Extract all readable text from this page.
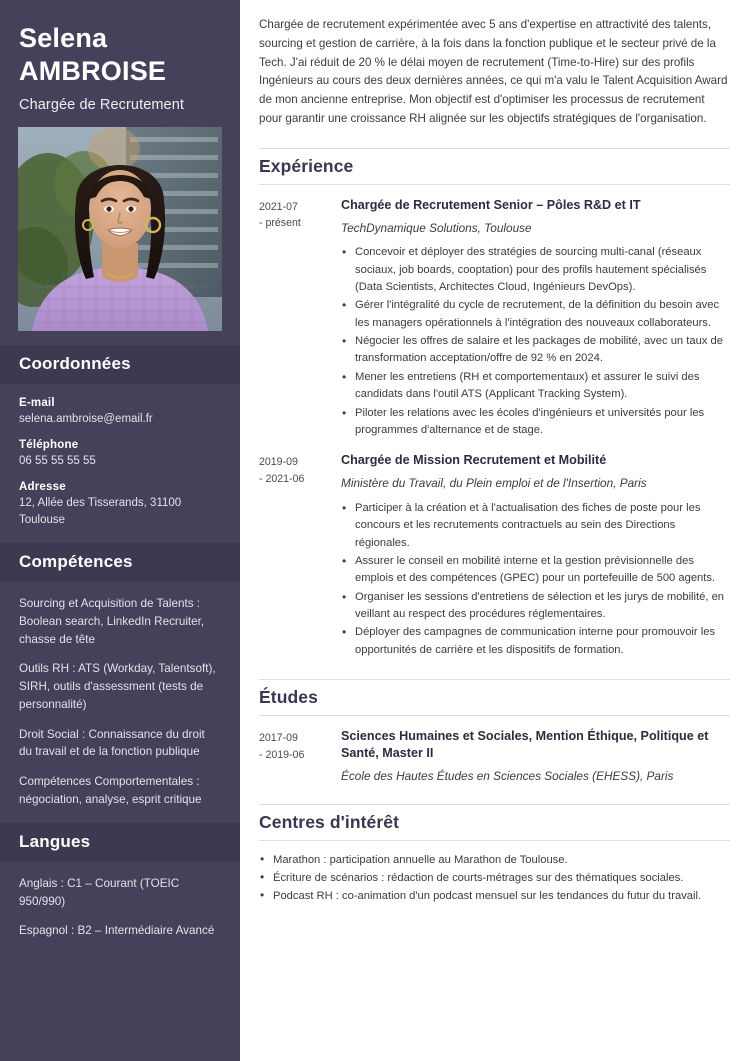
Selena
AMBROISE
Chargée de Recrutement
Coordonnées
E-mail
selena.ambroise@email.fr
Téléphone
06 55 55 55 55
Adresse
12, Allée des Tisserands, 31100 Toulouse
Compétences
Sourcing et Acquisition de Talents : Boolean search, LinkedIn Recruiter, chasse de tête
Outils RH : ATS (Workday, Talentsoft), SIRH, outils d'assessment (tests de personnalité)
Droit Social : Connaissance du droit du travail et de la fonction publique
Compétences Comportementales : négociation, analyse, esprit critique
Langues
Anglais : C1 – Courant (TOEIC 950/990)
Espagnol : B2 – Intermédiaire Avancé

Chargée de recrutement expérimentée avec 5 ans d'expertise en attractivité des talents, sourcing et gestion de carrière, à la fois dans la fonction publique et le secteur privé de la Tech. J'ai réduit de 20 % le délai moyen de recrutement (Time-to-Hire) sur des profils Ingénieurs au cours des deux dernières années, ce qui m'a valu le Talent Acquisition Award de mon ancienne entreprise. Mon objectif est d'optimiser les processus de recrutement pour garantir une croissance RH alignée sur les objectifs stratégiques de l'organisation.

Expérience
2021-07
- présent
Chargée de Recrutement Senior – Pôles R&D et IT
TechDynamique Solutions, Toulouse
• Concevoir et déployer des stratégies de sourcing multi-canal (réseaux sociaux, job boards, cooptation) pour des profils hautement spécialisés (Data Scientists, Architectes Cloud, Ingénieurs DevOps).
• Gérer l'intégralité du cycle de recrutement, de la définition du besoin avec les managers opérationnels à l'intégration des nouveaux collaborateurs.
• Négocier les offres de salaire et les packages de mobilité, avec un taux de transformation acceptation/offre de 92 % en 2024.
• Mener les entretiens (RH et comportementaux) et assurer le suivi des candidats dans l'outil ATS (Applicant Tracking System).
• Piloter les relations avec les écoles d'ingénieurs et universités pour les programmes d'alternance et de stage.
2019-09
- 2021-06
Chargée de Mission Recrutement et Mobilité
Ministère du Travail, du Plein emploi et de l'Insertion, Paris
• Participer à la création et à l'actualisation des fiches de poste pour les concours et les recrutements contractuels au sein des Directions régionales.
• Assurer le conseil en mobilité interne et la gestion prévisionnelle des emplois et des compétences (GPEC) pour un portefeuille de 500 agents.
• Organiser les sessions d'entretiens de sélection et les jurys de mobilité, en veillant au respect des procédures réglementaires.
• Déployer des campagnes de communication interne pour promouvoir les opportunités de carrière et les dispositifs de formation.
Études
2017-09
- 2019-06
Sciences Humaines et Sociales, Mention Éthique, Politique et Santé, Master II
École des Hautes Études en Sciences Sociales (EHESS), Paris
Centres d'intérêt
• Marathon : participation annuelle au Marathon de Toulouse.
• Écriture de scénarios : rédaction de courts-métrages sur des thématiques sociales.
• Podcast RH : co-animation d'un podcast mensuel sur les tendances du futur du travail.
